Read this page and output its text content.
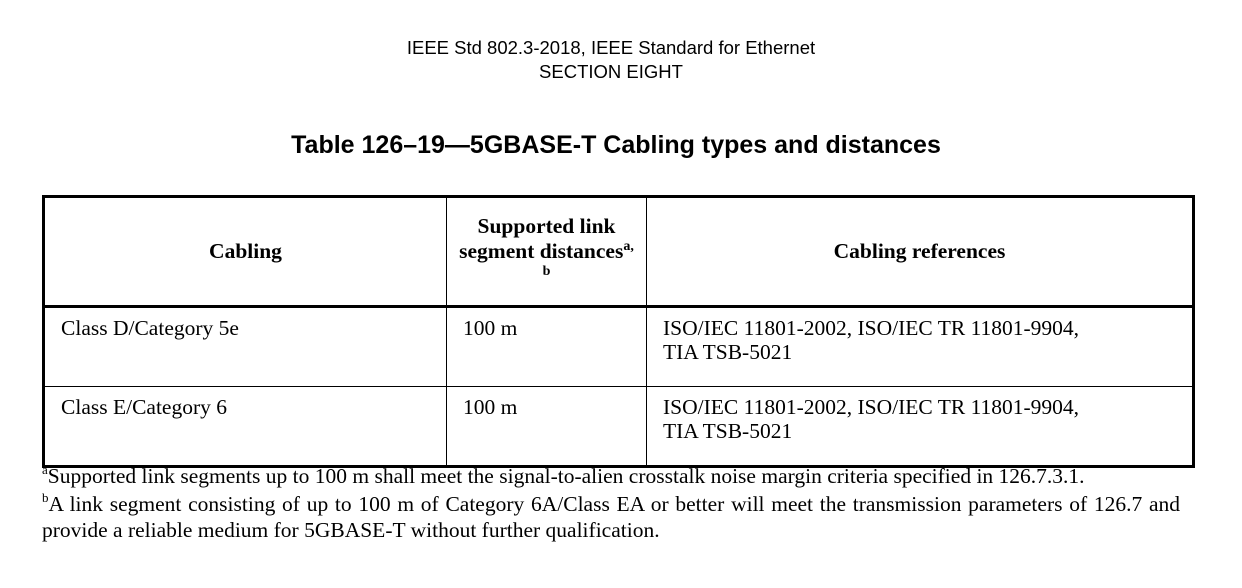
IEEE Std 802.3-2018, IEEE Standard for Ethernet
SECTION EIGHT
Table 126–19—5GBASE-T Cabling types and distances
Cabling	Supported link segment distances$^{a, b}$	Cabling references
Class D/Category 5e	100 m	ISO/IEC 11801-2002, ISO/IEC TR 11801-9904,
TIA TSB-5021

Class E/Category 6	100 m	ISO/IEC 11801-2002, ISO/IEC TR 11801-9904,
TIA TSB-5021

$^a$Supported link segments up to 100 m shall meet the signal-to-alien crosstalk noise margin criteria specified in 126.7.3.1.

$^b$A link segment consisting of up to 100 m of Category 6A/Class EA or better will meet the transmission parameters of 126.7 and provide a reliable medium for 5GBASE-T without further qualification.
